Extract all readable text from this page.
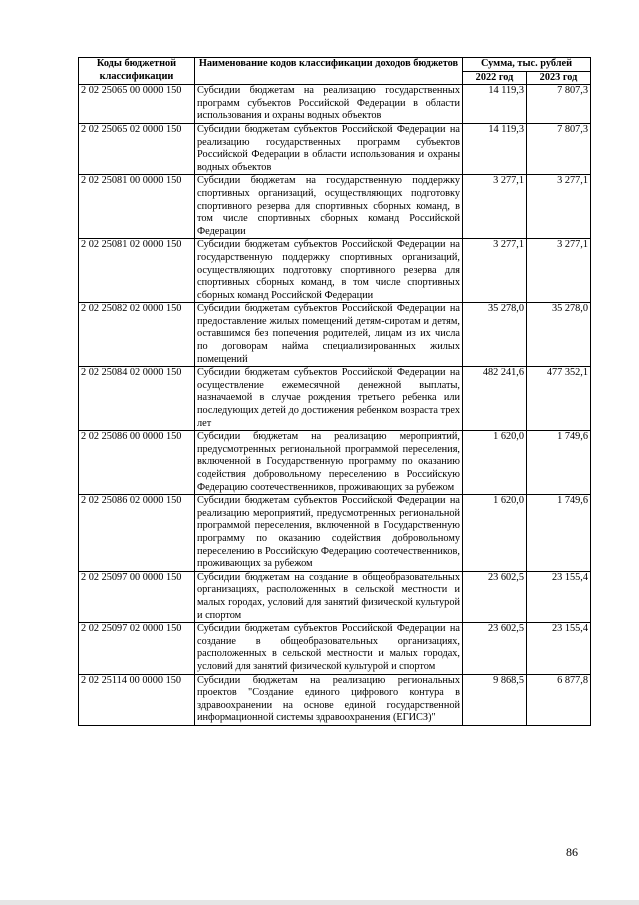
Коды бюджетной классификации	Наименование кодов классификации доходов бюджетов	Сумма, тыс. рублей	
		2022 год	2023 год
2 02 25065 00 0000 150	Субсидии бюджетам на реализацию государственных программ субъектов Российской Федерации в области использования и охраны водных объектов	14 119,3	7 807,3
2 02 25065 02 0000 150	Субсидии бюджетам субъектов Российской Федерации на реализацию государственных программ субъектов Российской Федерации в области использования и охраны водных объектов	14 119,3	7 807,3
2 02 25081 00 0000 150	Субсидии бюджетам на государственную поддержку спортивных организаций, осуществляющих подготовку спортивного резерва для спортивных сборных команд, в том числе спортивных сборных команд Российской Федерации	3 277,1	3 277,1
2 02 25081 02 0000 150	Субсидии бюджетам субъектов Российской Федерации на государственную поддержку спортивных организаций, осуществляющих подготовку спортивного резерва для спортивных сборных команд, в том числе спортивных сборных команд Российской Федерации	3 277,1	3 277,1
2 02 25082 02 0000 150	Субсидии бюджетам субъектов Российской Федерации на предоставление жилых помещений детям-сиротам и детям, оставшимся без попечения родителей, лицам из их числа по договорам найма специализированных жилых помещений	35 278,0	35 278,0
2 02 25084 02 0000 150	Субсидии бюджетам субъектов Российской Федерации на осуществление ежемесячной денежной выплаты, назначаемой в случае рождения третьего ребенка или последующих детей до достижения ребенком возраста трех лет	482 241,6	477 352,1
2 02 25086 00 0000 150	Субсидии бюджетам на реализацию мероприятий, предусмотренных региональной программой переселения, включенной в Государственную программу по оказанию содействия добровольному переселению в Российскую Федерацию соотечественников, проживающих за рубежом	1 620,0	1 749,6
2 02 25086 02 0000 150	Субсидии бюджетам субъектов Российской Федерации на реализацию мероприятий, предусмотренных региональной программой переселения, включенной в Государственную программу по оказанию содействия добровольному переселению в Российскую Федерацию соотечественников, проживающих за рубежом	1 620,0	1 749,6
2 02 25097 00 0000 150	Субсидии бюджетам на создание в общеобразовательных организациях, расположенных в сельской местности и малых городах, условий для занятий физической культурой и спортом	23 602,5	23 155,4
2 02 25097 02 0000 150	Субсидии бюджетам субъектов Российской Федерации на создание в общеобразовательных организациях, расположенных в сельской местности и малых городах, условий для занятий физической культурой и спортом	23 602,5	23 155,4
2 02 25114 00 0000 150	Субсидии бюджетам на реализацию региональных проектов "Создание единого цифрового контура в здравоохранении на основе единой государственной информационной системы здравоохранения (ЕГИСЗ)"	9 868,5	6 877,8
86
